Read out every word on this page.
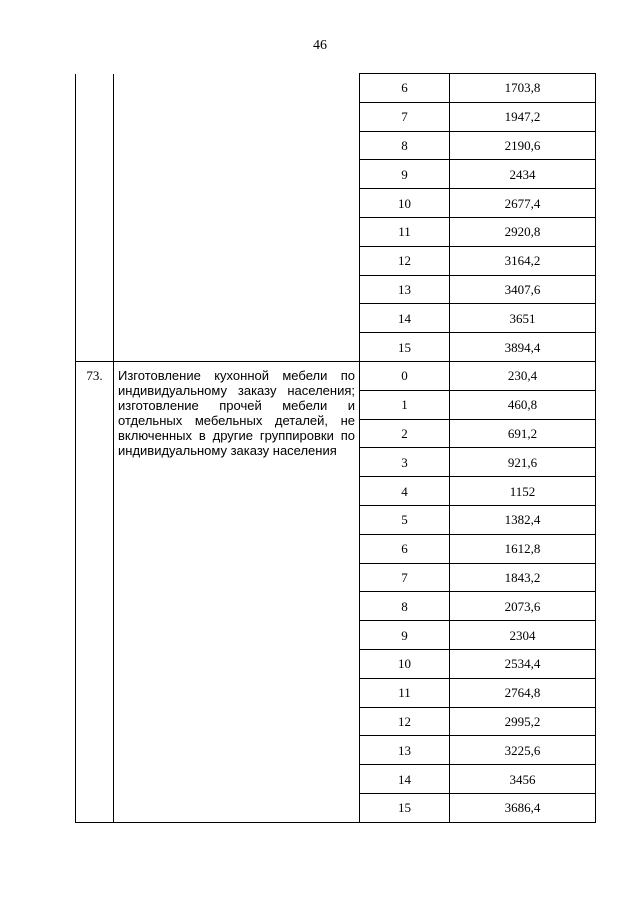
46
		6	1703,8
		7	1947,2
		8	2190,6
		9	2434
		10	2677,4
		11	2920,8
		12	3164,2
		13	3407,6
		14	3651
		15	3894,4
73.	Изготовление кухонной мебели по индивидуальному заказу населения; изготовление прочей мебели и отдельных мебельных деталей, не включенных в другие группировки по индивидуальному заказу населения	0	230,4
		1	460,8
		2	691,2
		3	921,6
		4	1152
		5	1382,4
		6	1612,8
		7	1843,2
		8	2073,6
		9	2304
		10	2534,4
		11	2764,8
		12	2995,2
		13	3225,6
		14	3456
		15	3686,4
